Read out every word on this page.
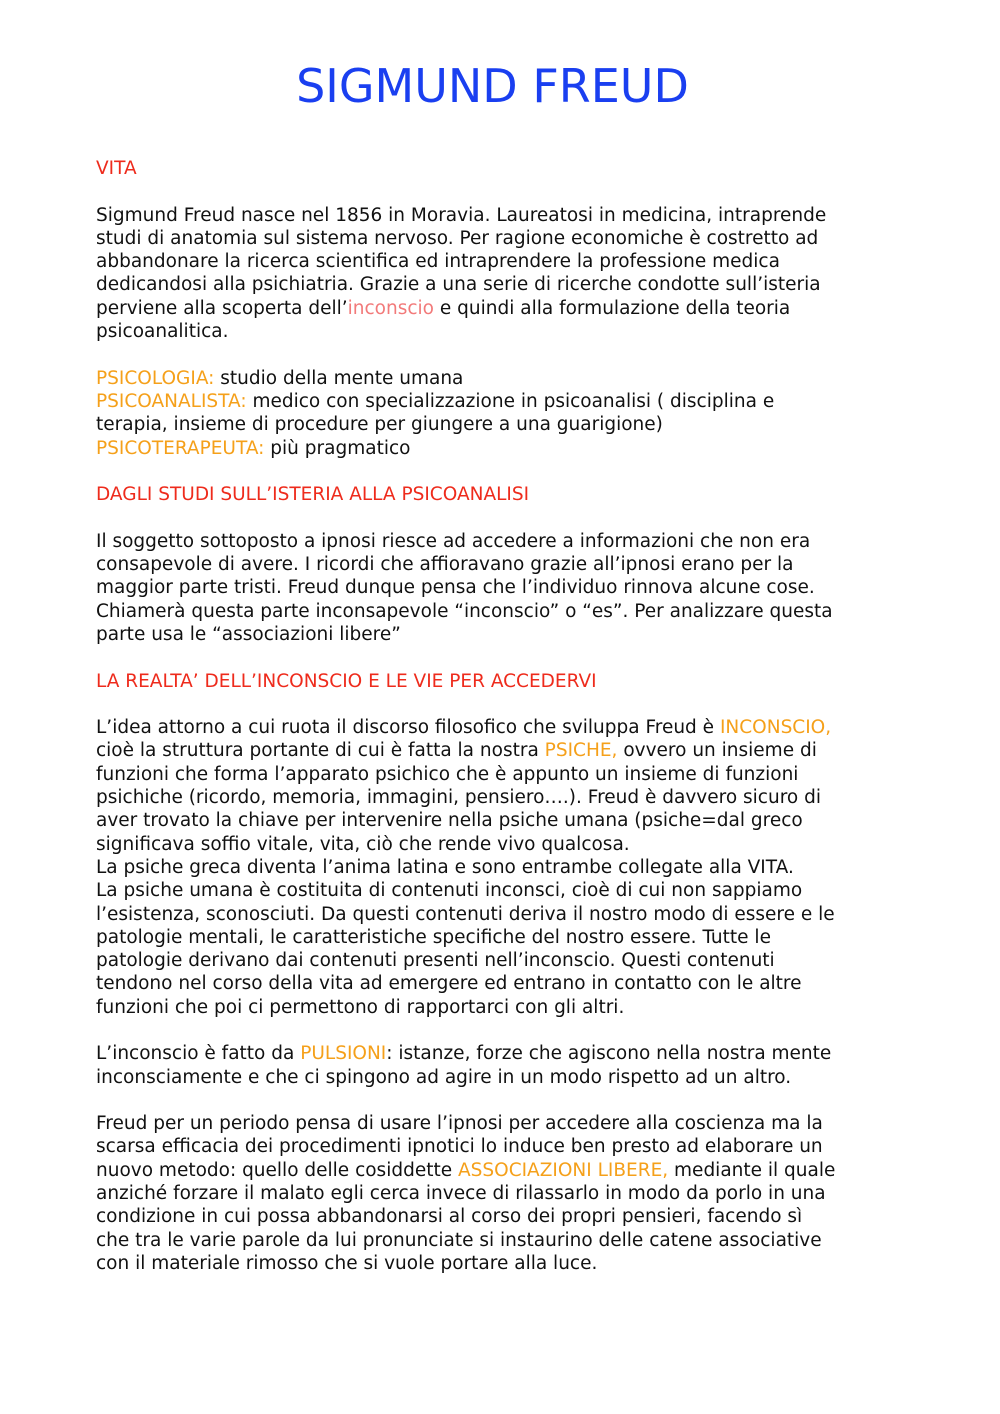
SIGMUND FREUD
VITA
Sigmund Freud nasce nel 1856 in Moravia. Laureatosi in medicina, intraprende
studi di anatomia sul sistema nervoso. Per ragione economiche è costretto ad
abbandonare la ricerca scientifica ed intraprendere la professione medica
dedicandosi alla psichiatria. Grazie a una serie di ricerche condotte sull’isteria
perviene alla scoperta dell’inconscio e quindi alla formulazione della teoria
psicoanalitica.
PSICOLOGIA: studio della mente umana
PSICOANALISTA: medico con specializzazione in psicoanalisi ( disciplina e
terapia, insieme di procedure per giungere a una guarigione)
PSICOTERAPEUTA: più pragmatico
DAGLI STUDI SULL’ISTERIA ALLA PSICOANALISI
Il soggetto sottoposto a ipnosi riesce ad accedere a informazioni che non era
consapevole di avere. I ricordi che affioravano grazie all’ipnosi erano per la
maggior parte tristi. Freud dunque pensa che l’individuo rinnova alcune cose.
Chiamerà questa parte inconsapevole “inconscio” o “es”. Per analizzare questa
parte usa le “associazioni libere”
LA REALTA’ DELL’INCONSCIO E LE VIE PER ACCEDERVI
L’idea attorno a cui ruota il discorso filosofico che sviluppa Freud è INCONSCIO,
cioè la struttura portante di cui è fatta la nostra PSICHE, ovvero un insieme di
funzioni che forma l’apparato psichico che è appunto un insieme di funzioni
psichiche (ricordo, memoria, immagini, pensiero….). Freud è davvero sicuro di
aver trovato la chiave per intervenire nella psiche umana (psiche=dal greco
significava soffio vitale, vita, ciò che rende vivo qualcosa.
La psiche greca diventa l’anima latina e sono entrambe collegate alla VITA.
La psiche umana è costituita di contenuti inconsci, cioè di cui non sappiamo
l’esistenza, sconosciuti. Da questi contenuti deriva il nostro modo di essere e le
patologie mentali, le caratteristiche specifiche del nostro essere. Tutte le
patologie derivano dai contenuti presenti nell’inconscio. Questi contenuti
tendono nel corso della vita ad emergere ed entrano in contatto con le altre
funzioni che poi ci permettono di rapportarci con gli altri.
L’inconscio è fatto da PULSIONI: istanze, forze che agiscono nella nostra mente
inconsciamente e che ci spingono ad agire in un modo rispetto ad un altro.
Freud per un periodo pensa di usare l’ipnosi per accedere alla coscienza ma la
scarsa efficacia dei procedimenti ipnotici lo induce ben presto ad elaborare un
nuovo metodo: quello delle cosiddette ASSOCIAZIONI LIBERE, mediante il quale
anziché forzare il malato egli cerca invece di rilassarlo in modo da porlo in una
condizione in cui possa abbandonarsi al corso dei propri pensieri, facendo sì
che tra le varie parole da lui pronunciate si instaurino delle catene associative
con il materiale rimosso che si vuole portare alla luce.
